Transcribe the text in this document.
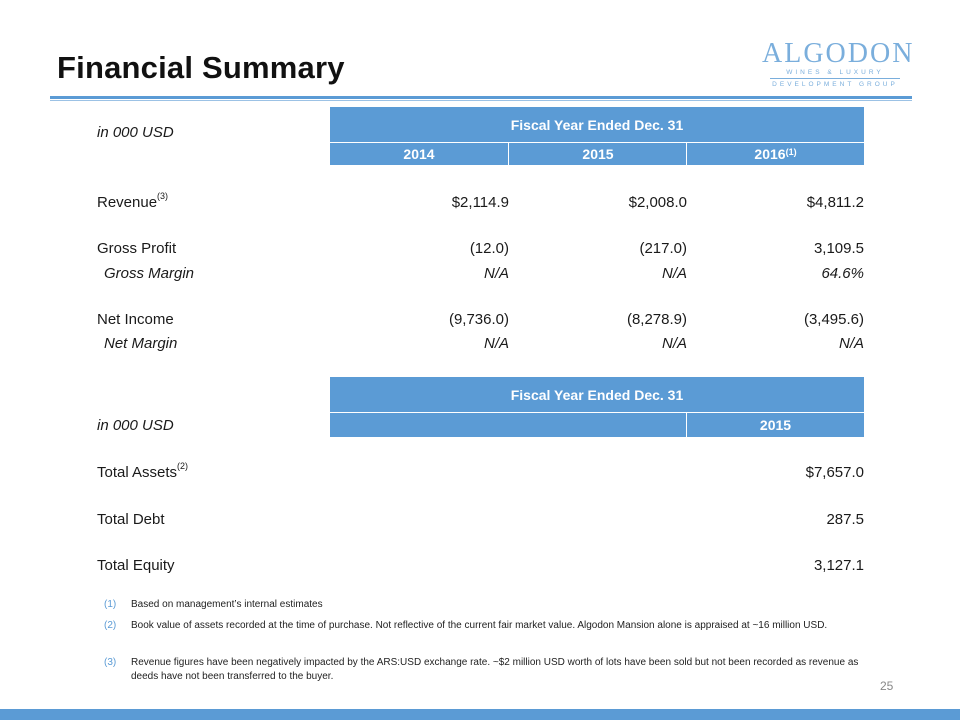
Financial Summary	ALGODON
WINES & LUXURY
DEVELOPMENT GROUP
in 000 USD	Fiscal Year Ended Dec. 31
2014	2015	2016$^{(1)}$
Revenue$^{(3)}$	$2,114.9	$2,008.0	$4,811.2
Gross Profit	(12.0)	(217.0)	3,109.5
Gross Margin	N/A	N/A	64.6%
Net Income	(9,736.0)	(8,278.9)	(3,495.6)
Net Margin	N/A	N/A	N/A
Fiscal Year Ended Dec. 31
in 000 USD	2015
Total Assets$^{(2)}$	$7,657.0
Total Debt	287.5
Total Equity	3,127.1
(1) Based on management’s internal estimates
(2) Book value of assets recorded at the time of purchase. Not reflective of the current fair market value. Algodon Mansion alone is appraised at ~16 million USD.
(3) Revenue figures have been negatively impacted by the ARS:USD exchange rate. ~$2 million USD worth of lots have been sold but not been recorded as revenue as deeds have not been transferred to the buyer.
25
